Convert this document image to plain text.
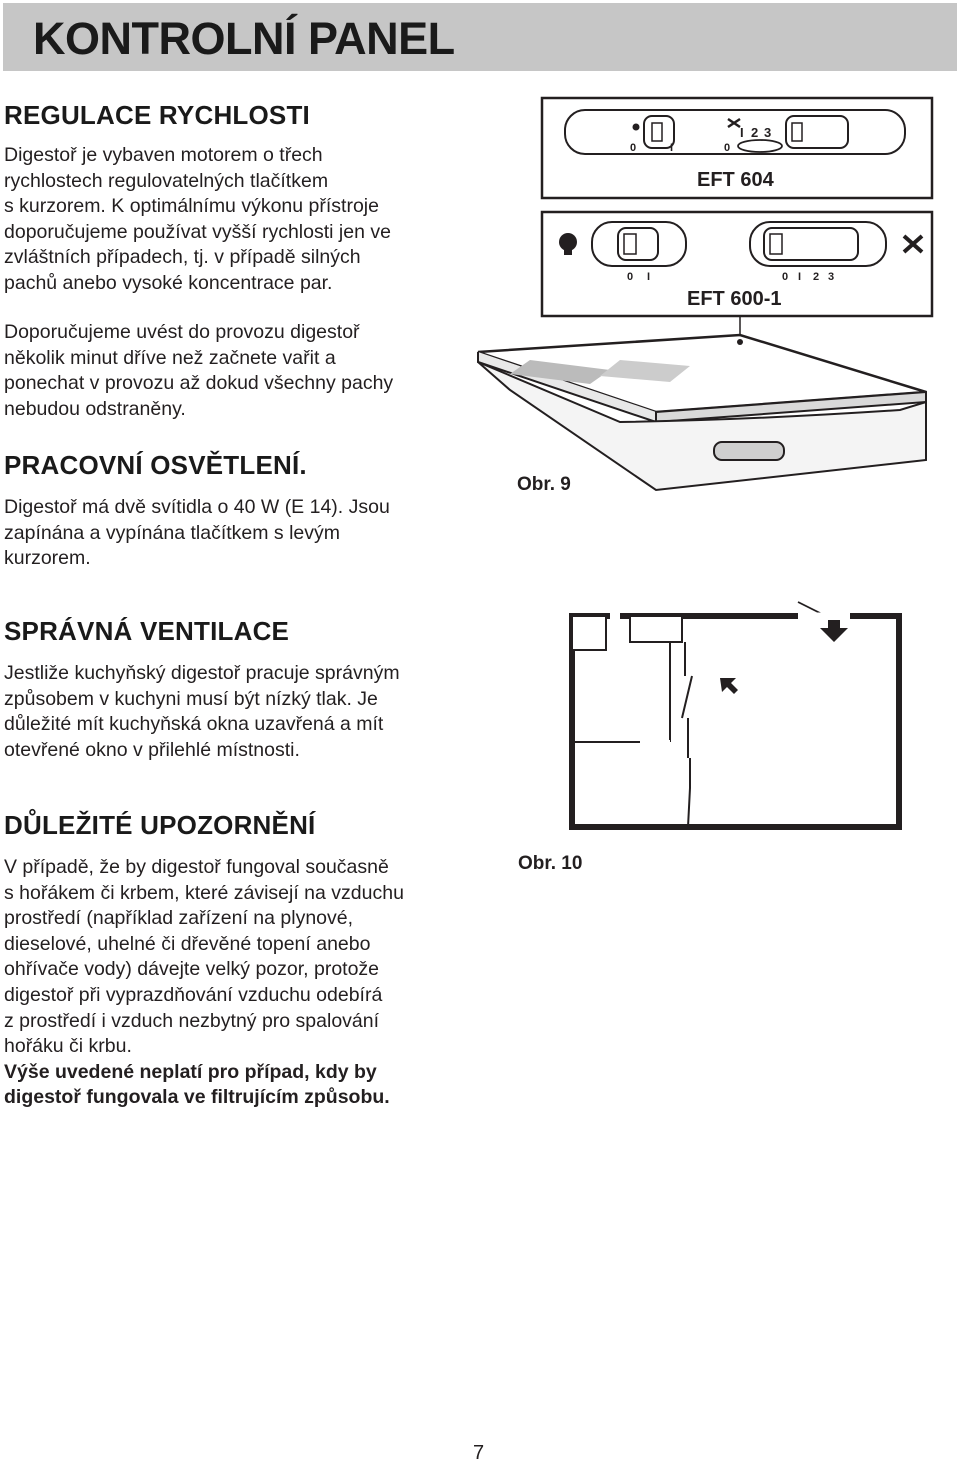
KONTROLNÍ PANEL
REGULACE RYCHLOSTI

Digestoř je vybaven motorem o třech
rychlostech regulovatelných tlačítkem
s kurzorem. K optimálnímu výkonu přístroje
doporučujeme používat vyšší rychlosti jen ve
zvláštních případech, tj. v případě silných
pachů anebo vysoké koncentrace par.

Doporučujeme uvést do provozu digestoř
několik minut dříve než začnete vařit a
ponechat v provozu až dokud všechny pachy
nebudou odstraněny.

PRACOVNÍ OSVĚTLENÍ.

Digestoř má dvě svítidla o 40 W (E 14). Jsou
zapínána a vypínána tlačítkem s levým
kurzorem.

SPRÁVNÁ VENTILACE

Jestliže kuchyňský digestoř pracuje správným
způsobem v kuchyni musí být nízký tlak. Je
důležité mít kuchyňská okna uzavřená a mít
otevřené okno v přilehlé místnosti.

DŮLEŽITÉ UPOZORNĚNÍ

V případě, že by digestoř fungoval současně
s hořákem či krbem, které závisejí na vzduchu
prostředí (například zařízení na plynové,
dieselové, uhelné či dřevěné topení anebo
ohřívače vody) dávejte velký pozor, protože
digestoř při vyprazdňování vzduchu odebírá
z prostředí i vzduch nezbytný pro spalování
hořáku či krbu.

Výše uvedené neplatí pro případ, kdy by
digestoř fungovala ve filtrujícím způsobu.

0	I
I 2 3
0
EFT 604
0 I	0 I 2 3
EFT 600-1
Obr. 9
Obr. 10
7
